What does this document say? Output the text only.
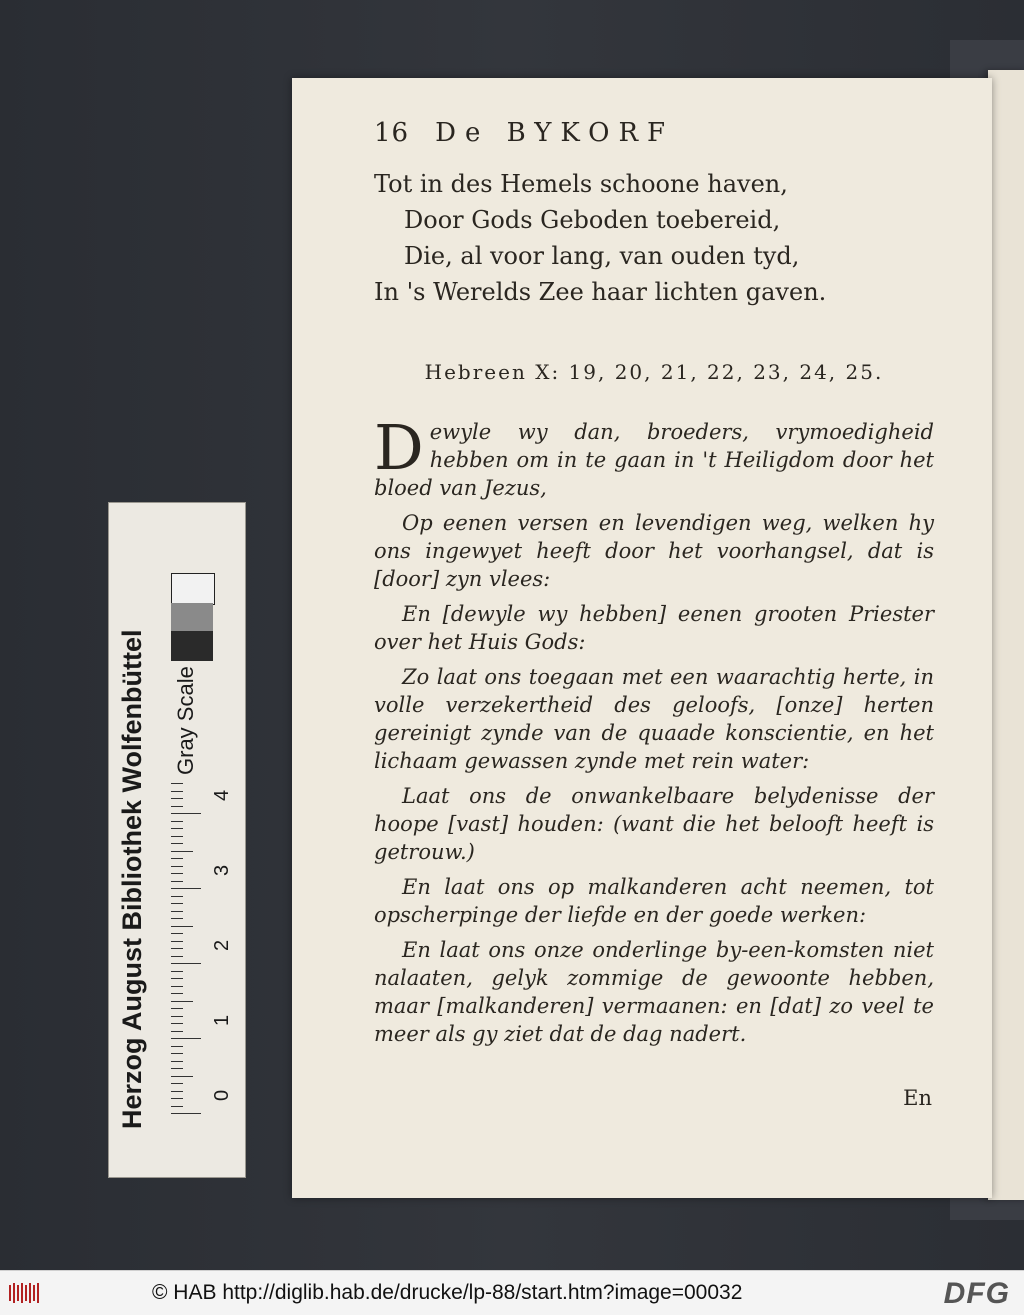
16 De BYKORF
Tot in des Hemels schoone haven,
Door Gods Geboden toebereid,
Die, al voor lang, van ouden tyd,
In 's Werelds Zee haar lichten gaven.
Hebreen X: 19, 20, 21, 22, 23, 24, 25.

Dewyle wy dan, broeders, vrymoedigheid hebben om in te gaan in 't Heiligdom door het bloed van Jezus,

Op eenen versen en levendigen weg, welken hy ons ingewyet heeft door het voorhangsel, dat is [door] zyn vlees:

En [dewyle wy hebben] eenen grooten Priester over het Huis Gods:

Zo laat ons toegaan met een waarachtig herte, in volle verzekertheid des geloofs, [onze] herten gereinigt zynde van de quaade konscientie, en het lichaam gewassen zynde met rein water:

Laat ons de onwankelbaare belydenisse der hoope [vast] houden: (want die het belooft heeft is getrouw.)

En laat ons op malkanderen acht neemen, tot opscherpinge der liefde en der goede werken:

En laat ons onze onderlinge by-een-komsten niet nalaaten, gelyk zommige de gewoonte hebben, maar [malkanderen] vermaanen: en [dat] zo veel te meer als gy ziet dat de dag nadert.

En
Herzog August Bibliothek Wolfenbüttel Gray Scale
0
1
2
3
4
© HAB http://diglib.hab.de/drucke/lp-88/start.htm?image=00032	DFG
